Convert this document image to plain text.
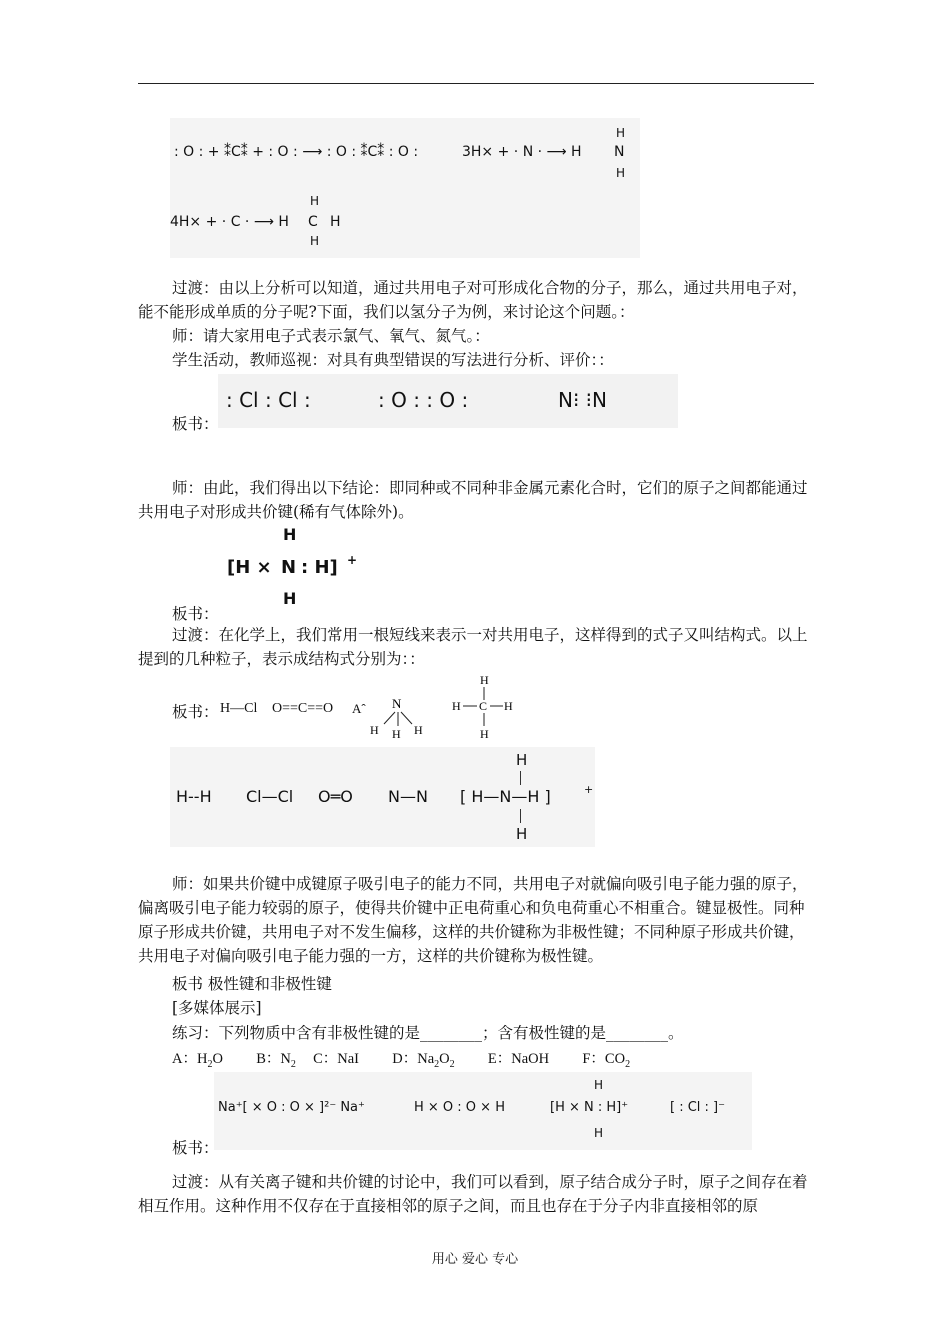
: O : + ⁑C⁑ + : O : ⟶ : O : ⁑C⁑ : O :	3H× + · N · ⟶ H
H
N
H
4H× + · C · ⟶ H
H
C H
H
过渡：由以上分析可以知道，通过共用电子对可形成化合物的分子，那么，通过共用电子对，能不能形成单质的分子呢?下面，我们以氢分子为例，来讨论这个问题。：
师：请大家用电子式表示氯气、氧气、氮气。：
学生活动，教师巡视：对具有典型错误的写法进行分析、评价：：
: Cl : Cl :	: O : : O :	N⁝ ⁝N
板书：
师：由此，我们得出以下结论：即同种或不同种非金属元素化合时，它们的原子之间都能通过共用电子对形成共价键(稀有气体除外)。
H
[H × N : H] +
H
板书：
过渡：在化学上，我们常用一根短线来表示一对共用电子，这样得到的式子又叫结构式。以上提到的几种粒子，表示成结构式分别为：：
板书： H—Cl O==C==O Aˆ N
H H H
H
H C H
H
H--H Cl—Cl O═O N—N [ H—N—H ]	+
H
H
师：如果共价键中成键原子吸引电子的能力不同，共用电子对就偏向吸引电子能力强的原子，偏离吸引电子能力较弱的原子，使得共价键中正电荷重心和负电荷重心不相重合。键显极性。同种原子形成共价键，共用电子对不发生偏移，这样的共价键称为非极性键；不同种原子形成共价键，共用电子对偏向吸引电子能力强的一方，这样的共价键称为极性键。
板书 极性键和非极性键
[多媒体展示]
练习：下列物质中含有非极性键的是________；含有极性键的是________。
A：$H_2O$ B：$N_2$ C：NaI D：$Na_2O_2$ E：NaOH F：$CO_2$
Na⁺[ × O : O × ]²⁻ Na⁺	H × O : O × H	[H × N : H]⁺
H
H
[ : Cl : ]⁻
板书：
过渡：从有关离子键和共价键的讨论中，我们可以看到，原子结合成分子时，原子之间存在着相互作用。这种作用不仅存在于直接相邻的原子之间，而且也存在于分子内非直接相邻的原
用心 爱心 专心
